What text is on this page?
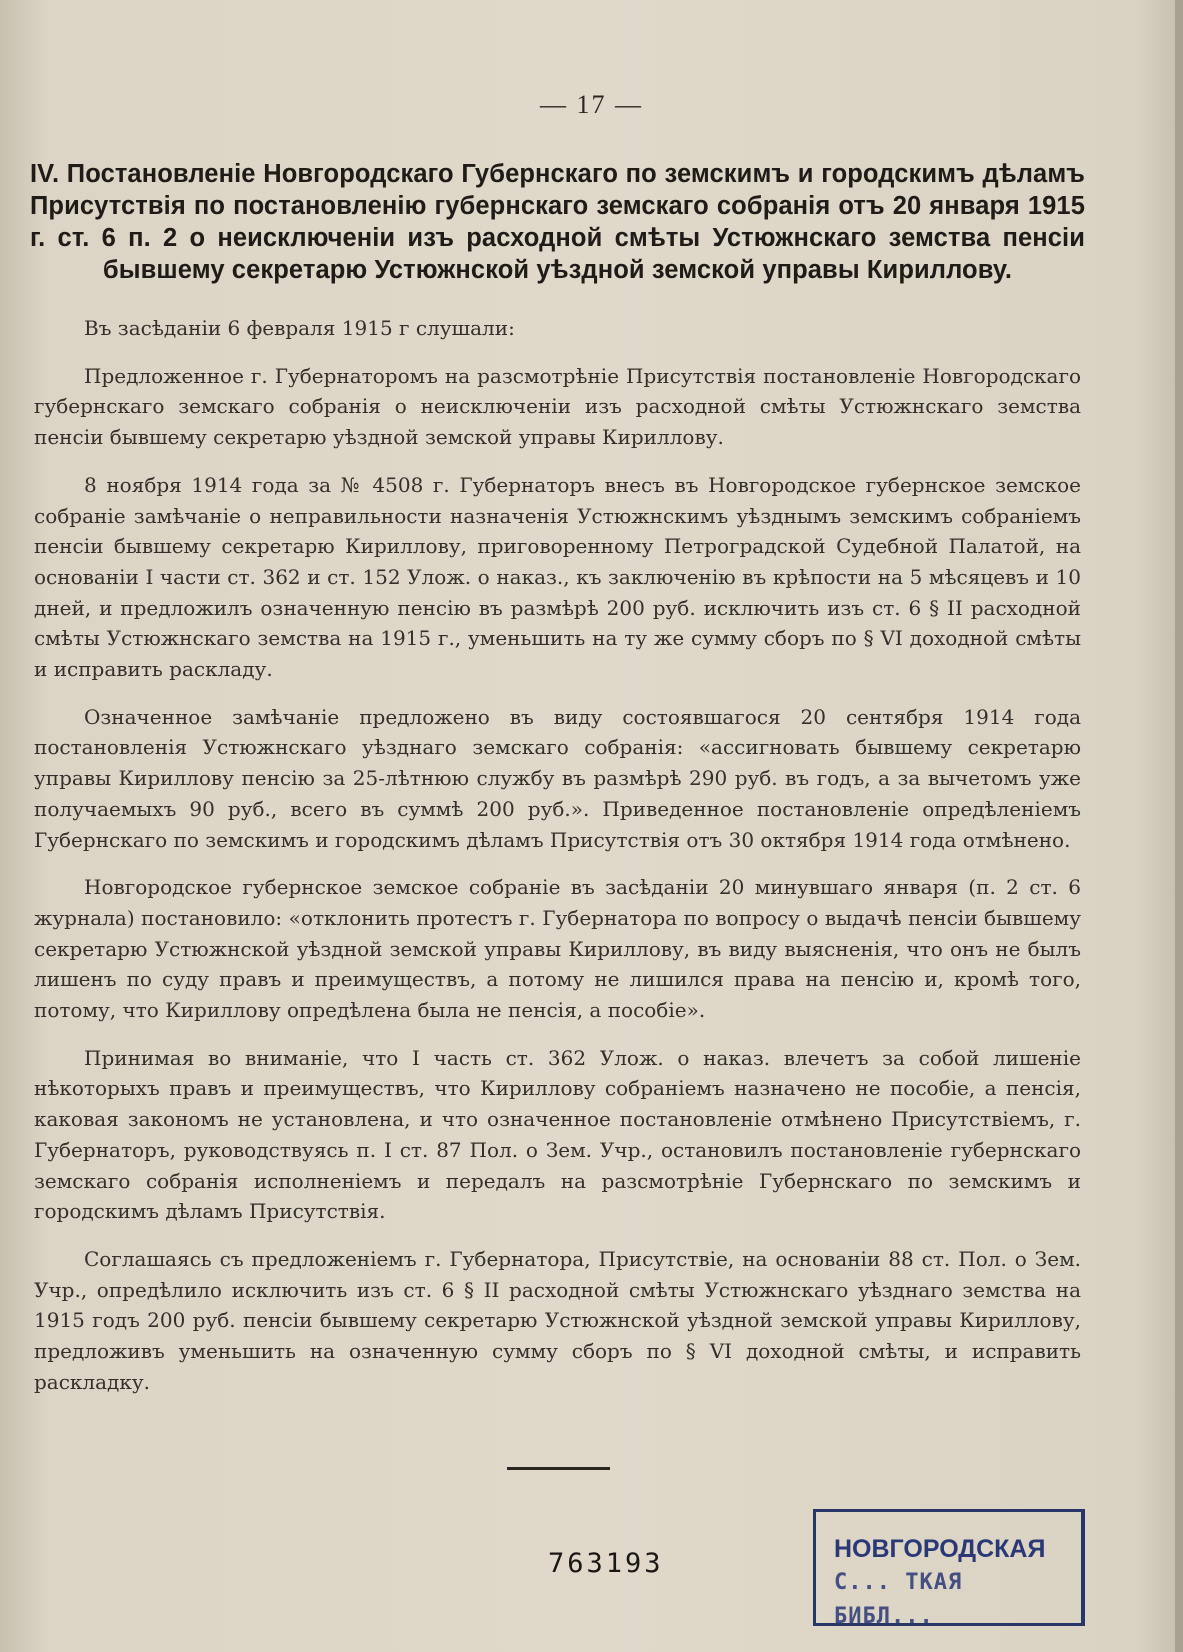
— 17 —
IV. Постановленіе Новгородскаго Губернскаго по земскимъ и городскимъ дѣламъ Присутствія по постановленію губернскаго земскаго собранія отъ 20 января 1915 г. ст. 6 п. 2 о неисключеніи изъ расходной смѣты Устюжнскаго земства пенсіи бывшему секретарю Устюжнской уѣздной земской управы Кириллову.

Въ засѣданіи 6 февраля 1915 г слушали:

Предложенное г. Губернаторомъ на разсмотрѣніе Присутствія постановленіе Новгородскаго губернскаго земскаго собранія о неисключеніи изъ расходной смѣты Устюжнскаго земства пенсіи бывшему секретарю уѣздной земской управы Кириллову.

8 ноября 1914 года за № 4508 г. Губернаторъ внесъ въ Новгородское губернское земское собраніе замѣчаніе о неправильности назначенія Устюжнскимъ уѣзднымъ земскимъ собраніемъ пенсіи бывшему секретарю Кириллову, приговоренному Петроградской Судебной Палатой, на основаніи I части ст. 362 и ст. 152 Улож. о наказ., къ заключенію въ крѣпости на 5 мѣсяцевъ и 10 дней, и предложилъ означенную пенсію въ размѣрѣ 200 руб. исключить изъ ст. 6 § II расходной смѣты Устюжнскаго земства на 1915 г., уменьшить на ту же сумму сборъ по § VI доходной смѣты и исправить раскладу.

Означенное замѣчаніе предложено въ виду состоявшагося 20 сентября 1914 года постановленія Устюжнскаго уѣзднаго земскаго собранія: «ассигновать бывшему секретарю управы Кириллову пенсію за 25-лѣтнюю службу въ размѣрѣ 290 руб. въ годъ, а за вычетомъ уже получаемыхъ 90 руб., всего въ суммѣ 200 руб.». Приведенное постановленіе опредѣленіемъ Губернскаго по земскимъ и городскимъ дѣламъ Присутствія отъ 30 октября 1914 года отмѣнено.

Новгородское губернское земское собраніе въ засѣданіи 20 минувшаго января (п. 2 ст. 6 журнала) постановило: «отклонить протестъ г. Губернатора по вопросу о выдачѣ пенсіи бывшему секретарю Устюжнской уѣздной земской управы Кириллову, въ виду выясненія, что онъ не былъ лишенъ по суду правъ и преимуществъ, а потому не лишился права на пенсію и, кромѣ того, потому, что Кириллову опредѣлена была не пенсія, а пособіе».

Принимая во вниманіе, что I часть ст. 362 Улож. о наказ. влечетъ за собой лишеніе нѣкоторыхъ правъ и преимуществъ, что Кириллову собраніемъ назначено не пособіе, а пенсія, каковая закономъ не установлена, и что означенное постановленіе отмѣнено Присутствіемъ, г. Губернаторъ, руководствуясь п. I ст. 87 Пол. о Зем. Учр., остановилъ постановленіе губернскаго земскаго собранія исполненіемъ и передалъ на разсмотрѣніе Губернскаго по земскимъ и городскимъ дѣламъ Присутствія.

Соглашаясь съ предложеніемъ г. Губернатора, Присутствіе, на основаніи 88 ст. Пол. о Зем. Учр., опредѣлило исключить изъ ст. 6 § II расходной смѣты Устюжнскаго уѣзднаго земства на 1915 годъ 200 руб. пенсіи бывшему секретарю Устюжнской уѣздной земской управы Кириллову, предложивъ уменьшить на означенную сумму сборъ по § VI доходной смѣты, и исправить раскладку.

763193	НОВГОРОДСКАЯ
С... ТКАЯ БИБЛ...
